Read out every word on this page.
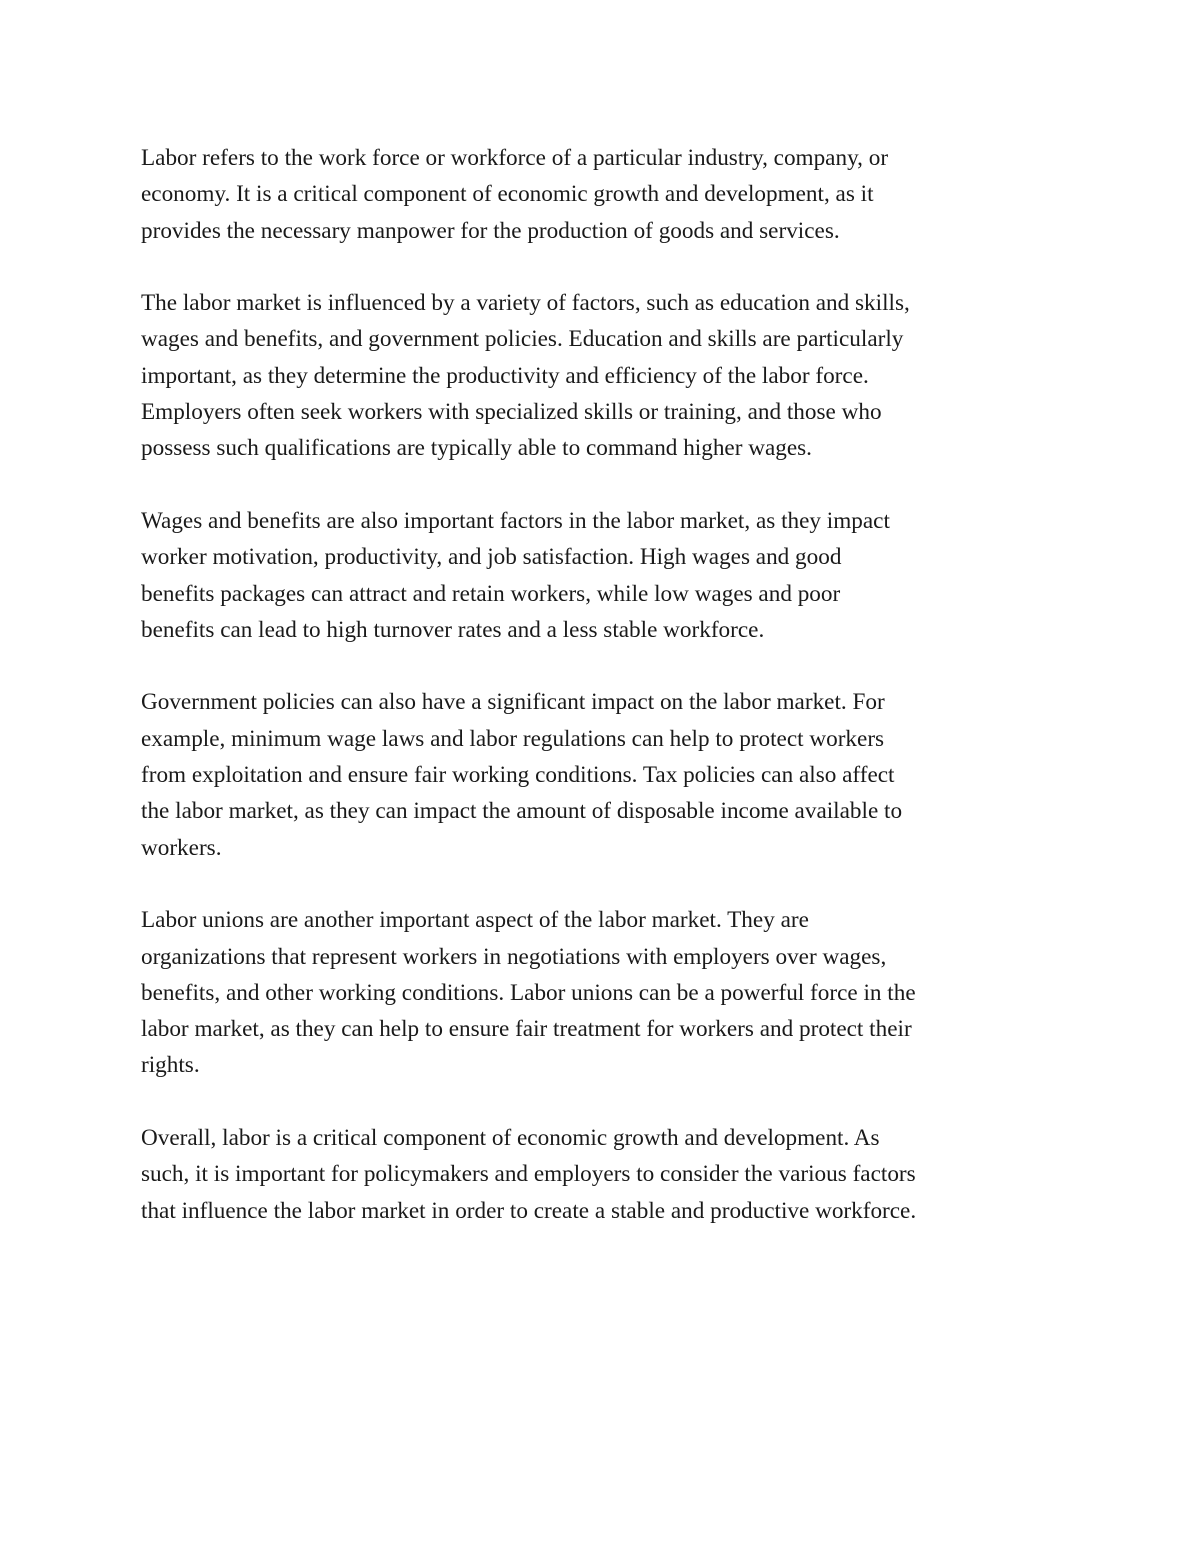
Labor refers to the work force or workforce of a particular industry, company, or
economy. It is a critical component of economic growth and development, as it
provides the necessary manpower for the production of goods and services.

The labor market is influenced by a variety of factors, such as education and skills,
wages and benefits, and government policies. Education and skills are particularly
important, as they determine the productivity and efficiency of the labor force.
Employers often seek workers with specialized skills or training, and those who
possess such qualifications are typically able to command higher wages.

Wages and benefits are also important factors in the labor market, as they impact
worker motivation, productivity, and job satisfaction. High wages and good
benefits packages can attract and retain workers, while low wages and poor
benefits can lead to high turnover rates and a less stable workforce.

Government policies can also have a significant impact on the labor market. For
example, minimum wage laws and labor regulations can help to protect workers
from exploitation and ensure fair working conditions. Tax policies can also affect
the labor market, as they can impact the amount of disposable income available to
workers.

Labor unions are another important aspect of the labor market. They are
organizations that represent workers in negotiations with employers over wages,
benefits, and other working conditions. Labor unions can be a powerful force in the
labor market, as they can help to ensure fair treatment for workers and protect their
rights.

Overall, labor is a critical component of economic growth and development. As
such, it is important for policymakers and employers to consider the various factors
that influence the labor market in order to create a stable and productive workforce.
